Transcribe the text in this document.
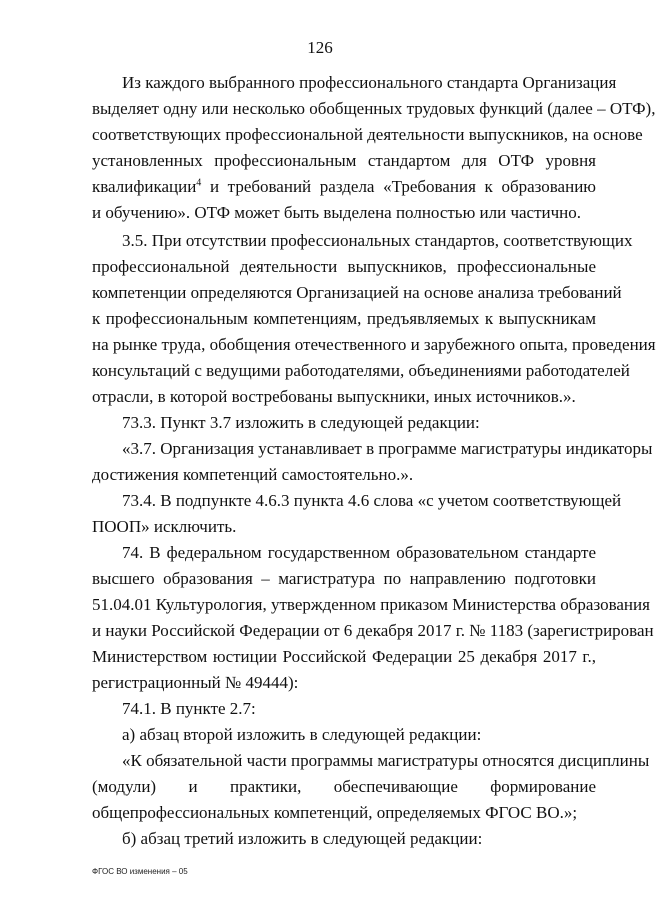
126
Из каждого выбранного профессионального стандарта Организация
выделяет одну или несколько обобщенных трудовых функций (далее – ОТФ),
соответствующих профессиональной деятельности выпускников, на основе
установленных профессиональным стандартом для ОТФ уровня
квалификации$^4$ и требований раздела «Требования к образованию
и обучению». ОТФ может быть выделена полностью или частично.
3.5. При отсутствии профессиональных стандартов, соответствующих
профессиональной деятельности выпускников, профессиональные
компетенции определяются Организацией на основе анализа требований
к профессиональным компетенциям, предъявляемых к выпускникам
на рынке труда, обобщения отечественного и зарубежного опыта, проведения
консультаций с ведущими работодателями, объединениями работодателей
отрасли, в которой востребованы выпускники, иных источников.».
73.3. Пункт 3.7 изложить в следующей редакции:
«3.7. Организация устанавливает в программе магистратуры индикаторы
достижения компетенций самостоятельно.».
73.4. В подпункте 4.6.3 пункта 4.6 слова «с учетом соответствующей
ПООП» исключить.
74. В федеральном государственном образовательном стандарте
высшего образования – магистратура по направлению подготовки
51.04.01 Культурология, утвержденном приказом Министерства образования
и науки Российской Федерации от 6 декабря 2017 г. № 1183 (зарегистрирован
Министерством юстиции Российской Федерации 25 декабря 2017 г.,
регистрационный № 49444):
74.1. В пункте 2.7:
а) абзац второй изложить в следующей редакции:
«К обязательной части программы магистратуры относятся дисциплины
(модули) и практики, обеспечивающие формирование
общепрофессиональных компетенций, определяемых ФГОС ВО.»;
б) абзац третий изложить в следующей редакции:
ФГОС ВО изменения – 05
